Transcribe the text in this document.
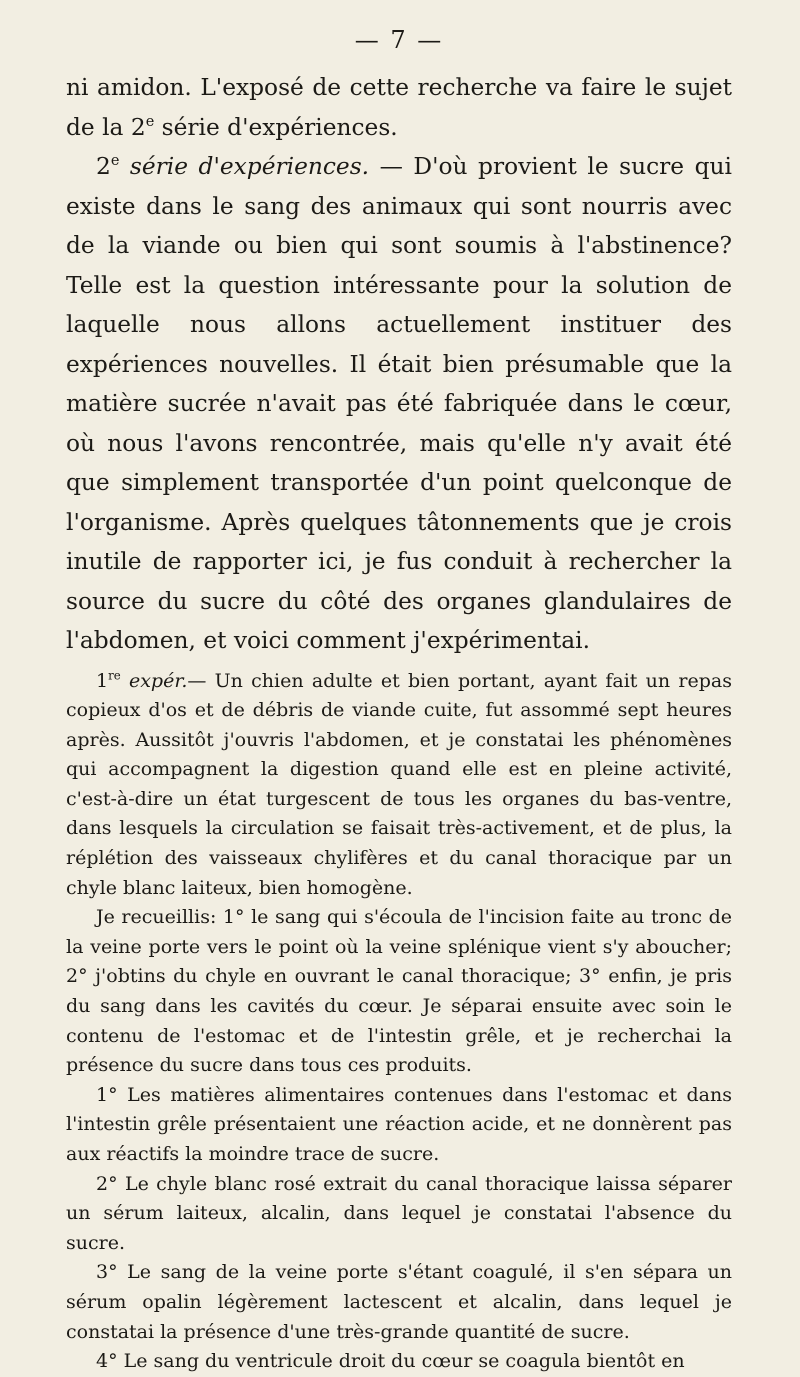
— 7 —

ni amidon. L'exposé de cette recherche va faire le sujet de la 2e série d'expériences.

2e série d'expériences. — D'où provient le sucre qui existe dans le sang des animaux qui sont nourris avec de la viande ou bien qui sont soumis à l'abstinence? Telle est la question intéressante pour la solution de laquelle nous allons actuellement instituer des expériences nouvelles. Il était bien présumable que la matière sucrée n'avait pas été fabriquée dans le cœur, où nous l'avons rencontrée, mais qu'elle n'y avait été que simplement transportée d'un point quelconque de l'organisme. Après quelques tâtonnements que je crois inutile de rapporter ici, je fus conduit à rechercher la source du sucre du côté des organes glandulaires de l'abdomen, et voici comment j'expérimentai.

1re expér.— Un chien adulte et bien portant, ayant fait un repas copieux d'os et de débris de viande cuite, fut assommé sept heures après. Aussitôt j'ouvris l'abdomen, et je constatai les phénomènes qui accompagnent la digestion quand elle est en pleine activité, c'est-à-dire un état turgescent de tous les organes du bas-ventre, dans lesquels la circulation se faisait très-activement, et de plus, la réplétion des vaisseaux chylifères et du canal thoracique par un chyle blanc laiteux, bien homogène.

Je recueillis: 1° le sang qui s'écoula de l'incision faite au tronc de la veine porte vers le point où la veine splénique vient s'y aboucher; 2° j'obtins du chyle en ouvrant le canal thoracique; 3° enfin, je pris du sang dans les cavités du cœur. Je séparai ensuite avec soin le contenu de l'estomac et de l'intestin grêle, et je recherchai la présence du sucre dans tous ces produits.

1° Les matières alimentaires contenues dans l'estomac et dans l'intestin grêle présentaient une réaction acide, et ne donnèrent pas aux réactifs la moindre trace de sucre.

2° Le chyle blanc rosé extrait du canal thoracique laissa séparer un sérum laiteux, alcalin, dans lequel je constatai l'absence du sucre.

3° Le sang de la veine porte s'étant coagulé, il s'en sépara un sérum opalin légèrement lactescent et alcalin, dans lequel je constatai la présence d'une très-grande quantité de sucre.

4° Le sang du ventricule droit du cœur se coagula bientôt en
